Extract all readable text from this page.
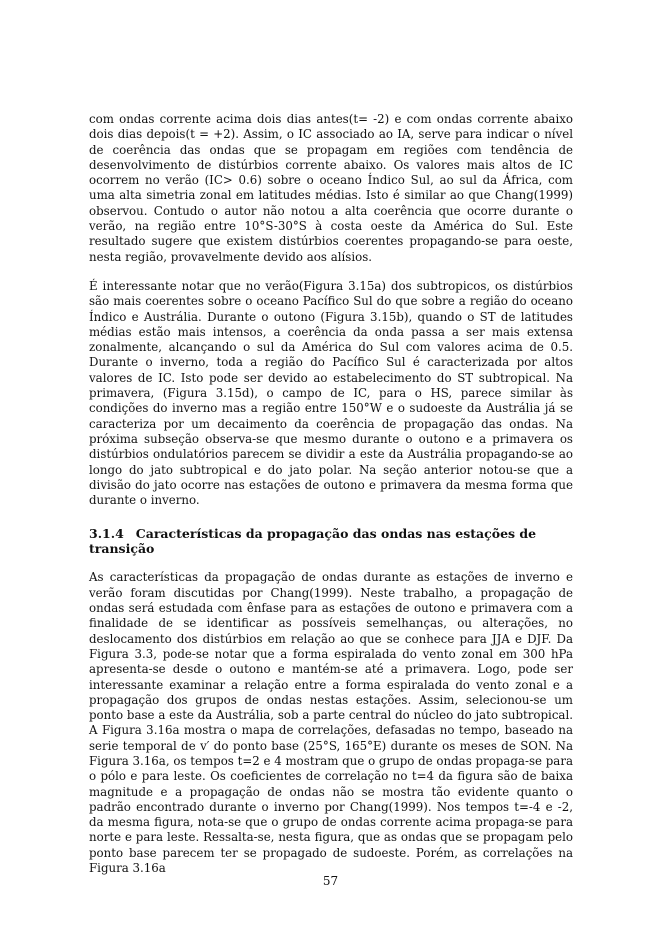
com ondas corrente acima dois dias antes(t= -2) e com ondas corrente abaixo dois dias depois(t = +2). Assim, o IC associado ao IA, serve para indicar o nível de coerência das ondas que se propagam em regiões com tendência de desenvolvimento de distúrbios corrente abaixo. Os valores mais altos de IC ocorrem no verão (IC> 0.6) sobre o oceano Índico Sul, ao sul da África, com uma alta simetria zonal em latitudes médias. Isto é similar ao que Chang(1999) observou. Contudo o autor não notou a alta coerência que ocorre durante o verão, na região entre 10°S-30°S à costa oeste da América do Sul. Este resultado sugere que existem distúrbios coerentes propagando-se para oeste, nesta região, provavelmente devido aos alísios.

É interessante notar que no verão(Figura 3.15a) dos subtropicos, os distúrbios são mais coerentes sobre o oceano Pacífico Sul do que sobre a região do oceano Índico e Austrália. Durante o outono (Figura 3.15b), quando o ST de latitudes médias estão mais intensos, a coerência da onda passa a ser mais extensa zonalmente, alcançando o sul da América do Sul com valores acima de 0.5. Durante o inverno, toda a região do Pacífico Sul é caracterizada por altos valores de IC. Isto pode ser devido ao estabelecimento do ST subtropical. Na primavera, (Figura 3.15d), o campo de IC, para o HS, parece similar às condições do inverno mas a região entre 150°W e o sudoeste da Austrália já se caracteriza por um decaimento da coerência de propagação das ondas. Na próxima subseção observa-se que mesmo durante o outono e a primavera os distúrbios ondulatórios parecem se dividir a este da Austrália propagando-se ao longo do jato subtropical e do jato polar. Na seção anterior notou-se que a divisão do jato ocorre nas estações de outono e primavera da mesma forma que durante o inverno.

3.1.4 Características da propagação das ondas nas estações de transição

As características da propagação de ondas durante as estações de inverno e verão foram discutidas por Chang(1999). Neste trabalho, a propagação de ondas será estudada com ênfase para as estações de outono e primavera com a finalidade de se identificar as possíveis semelhanças, ou alterações, no deslocamento dos distúrbios em relação ao que se conhece para JJA e DJF. Da Figura 3.3, pode-se notar que a forma espiralada do vento zonal em 300 hPa apresenta-se desde o outono e mantém-se até a primavera. Logo, pode ser interessante examinar a relação entre a forma espiralada do vento zonal e a propagação dos grupos de ondas nestas estações. Assim, selecionou-se um ponto base a este da Austrália, sob a parte central do núcleo do jato subtropical. A Figura 3.16a mostra o mapa de correlações, defasadas no tempo, baseado na serie temporal de v′ do ponto base (25°S, 165°E) durante os meses de SON. Na Figura 3.16a, os tempos t=2 e 4 mostram que o grupo de ondas propaga-se para o pólo e para leste. Os coeficientes de correlação no t=4 da figura são de baixa magnitude e a propagação de ondas não se mostra tão evidente quanto o padrão encontrado durante o inverno por Chang(1999). Nos tempos t=-4 e -2, da mesma figura, nota-se que o grupo de ondas corrente acima propaga-se para norte e para leste. Ressalta-se, nesta figura, que as ondas que se propagam pelo ponto base parecem ter se propagado de sudoeste. Porém, as correlações na Figura 3.16a

57
